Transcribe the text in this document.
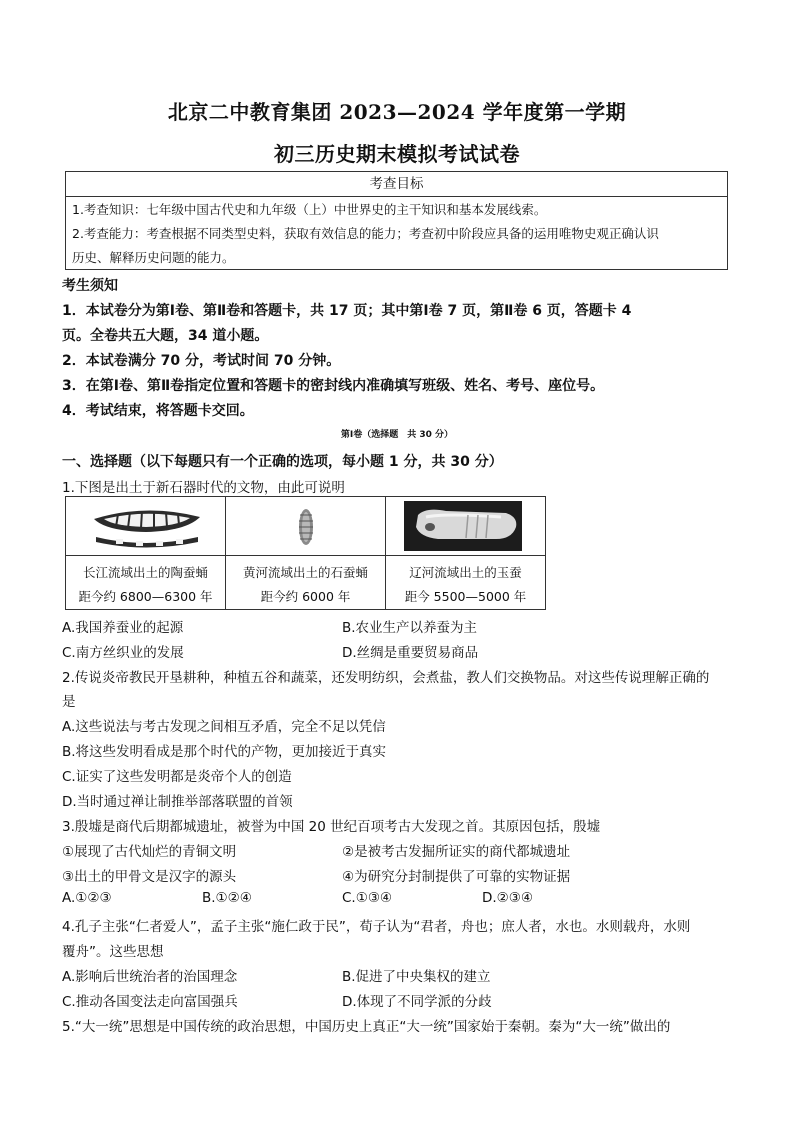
北京二中教育集团 2023—2024 学年度第一学期
初三历史期末模拟考试试卷
考查目标
1.考查知识：七年级中国古代史和九年级（上）中世界史的主干知识和基本发展线索。
2.考查能力：考查根据不同类型史料，获取有效信息的能力；考查初中阶段应具备的运用唯物史观正确认识
历史、解释历史问题的能力。
考生须知
1．本试卷分为第Ⅰ卷、第Ⅱ卷和答题卡，共 17 页；其中第Ⅰ卷 7 页，第Ⅱ卷 6 页，答题卡 4
页。全卷共五大题，34 道小题。
2．本试卷满分 70 分，考试时间 70 分钟。
3．在第Ⅰ卷、第Ⅱ卷指定位置和答题卡的密封线内准确填写班级、姓名、考号、座位号。
4．考试结束，将答题卡交回。
第Ⅰ卷（选择题　共 30 分）
一、选择题（以下每题只有一个正确的选项，每小题 1 分，共 30 分）
1.下图是出土于新石器时代的文物，由此可说明
长江流域出土的陶蚕蛹
距今约 6800—6300 年
黄河流域出土的石蚕蛹
距今约 6000 年
辽河流域出土的玉蚕
距今 5500—5000 年
A.我国养蚕业的起源	B.农业生产以养蚕为主
C.南方丝织业的发展	D.丝绸是重要贸易商品
2.传说炎帝教民开垦耕种，种植五谷和蔬菜，还发明纺织，会煮盐，教人们交换物品。对这些传说理解正确的
是
A.这些说法与考古发现之间相互矛盾，完全不足以凭信
B.将这些发明看成是那个时代的产物，更加接近于真实
C.证实了这些发明都是炎帝个人的创造
D.当时通过禅让制推举部落联盟的首领
3.殷墟是商代后期都城遗址，被誉为中国 20 世纪百项考古大发现之首。其原因包括，殷墟
①展现了古代灿烂的青铜文明	②是被考古发掘所证实的商代都城遗址
③出土的甲骨文是汉字的源头	④为研究分封制提供了可靠的实物证据
A.①②③	B.①②④	C.①③④	D.②③④
4.孔子主张“仁者爱人”，孟子主张“施仁政于民”，荀子认为“君者，舟也；庶人者，水也。水则载舟，水则
覆舟”。这些思想
A.影响后世统治者的治国理念	B.促进了中央集权的建立
C.推动各国变法走向富国强兵	D.体现了不同学派的分歧
5.“大一统”思想是中国传统的政治思想，中国历史上真正“大一统”国家始于秦朝。秦为“大一统”做出的
